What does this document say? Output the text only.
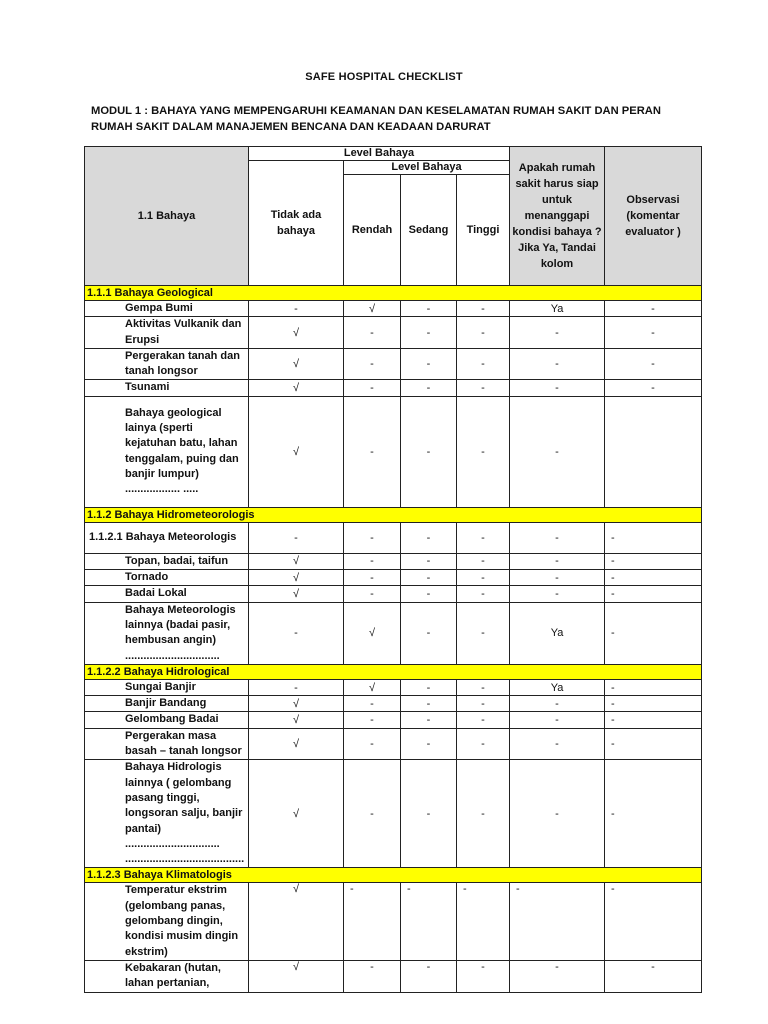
SAFE HOSPITAL CHECKLIST
MODUL 1 : BAHAYA YANG MEMPENGARUHI KEAMANAN DAN KESELAMATAN RUMAH SAKIT DAN PERAN RUMAH SAKIT DALAM MANAJEMEN BENCANA DAN KEADAAN DARURAT
1.1 Bahaya	Level Bahaya				Apakah rumah sakit harus siap untuk menanggapi kondisi bahaya ? Jika Ya, Tandai kolom	Observasi (komentar evaluator )
	Tidak ada bahaya	Level Bahaya				
		Rendah	Sedang	Tinggi		
1.1.1 Bahaya Geological						
Gempa Bumi	-	√	-	-	Ya	-
Aktivitas Vulkanik dan Erupsi	√	-	-	-	-	-
Pergerakan tanah dan tanah longsor	√	-	-	-	-	-
Tsunami	√	-	-	-	-	-
Bahaya geological lainya (sperti kejatuhan batu, lahan tenggalam, puing dan banjir lumpur) .................. .....	√	-	-	-	-	
1.1.2 Bahaya Hidrometeorologis						
1.1.2.1 Bahaya Meteorologis	-	-	-	-	-	-
Topan, badai, taifun	√	-	-	-	-	-
Tornado	√	-	-	-	-	-
Badai Lokal	√	-	-	-	-	-
Bahaya Meteorologis lainnya (badai pasir, hembusan angin) ...............................	-	√	-	-	Ya	-
1.1.2.2 Bahaya Hidrological						
Sungai Banjir	-	√	-	-	Ya	-
Banjir Bandang	√	-	-	-	-	-
Gelombang Badai	√	-	-	-	-	-
Pergerakan masa basah – tanah longsor	√	-	-	-	-	-
Bahaya Hidrologis lainnya ( gelombang pasang tinggi, longsoran salju, banjir pantai) ............................... .......................................	√	-	-	-	-	-
1.1.2.3 Bahaya Klimatologis						
Temperatur ekstrim (gelombang panas, gelombang dingin, kondisi musim dingin ekstrim)	√	-	-	-	-	-
Kebakaran (hutan, lahan pertanian,	√	-	-	-	-	-
